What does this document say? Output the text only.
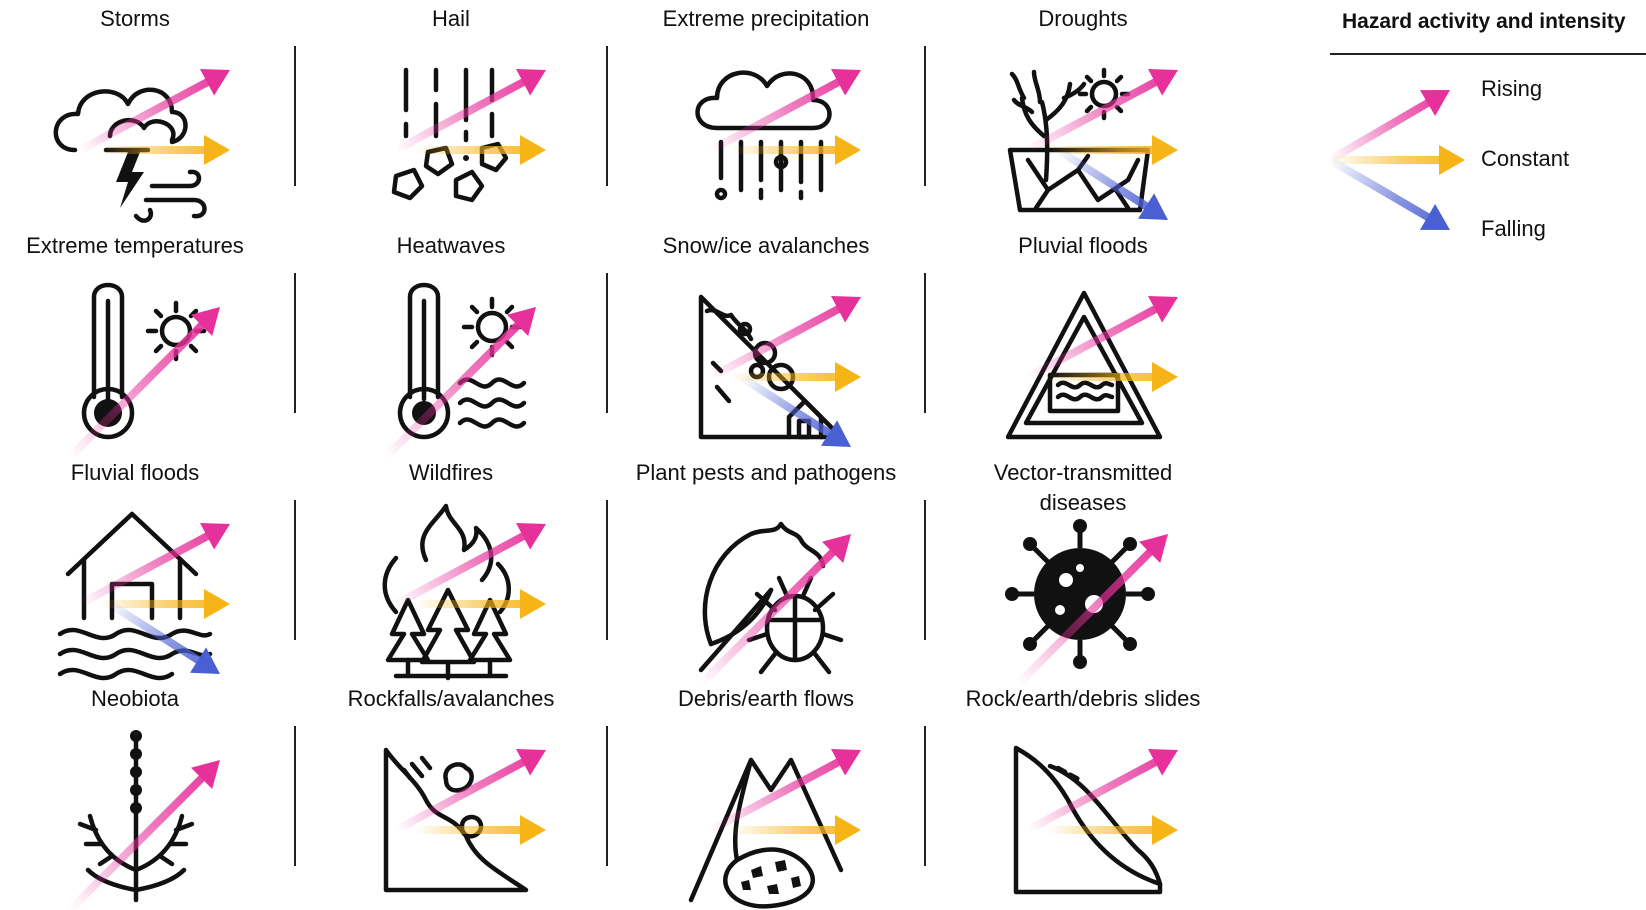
Storms	Hail	Extreme precipitation	Droughts
Extreme temperatures	Heatwaves	Snow/ice avalanches	Pluvial floods
Fluvial floods	Wildfires	Plant pests and pathogens	Vector-transmitted diseases
Neobiota	Rockfalls/avalanches	Debris/earth flows	Rock/earth/debris slides
Hazard activity and intensity
Rising
Constant
Falling
